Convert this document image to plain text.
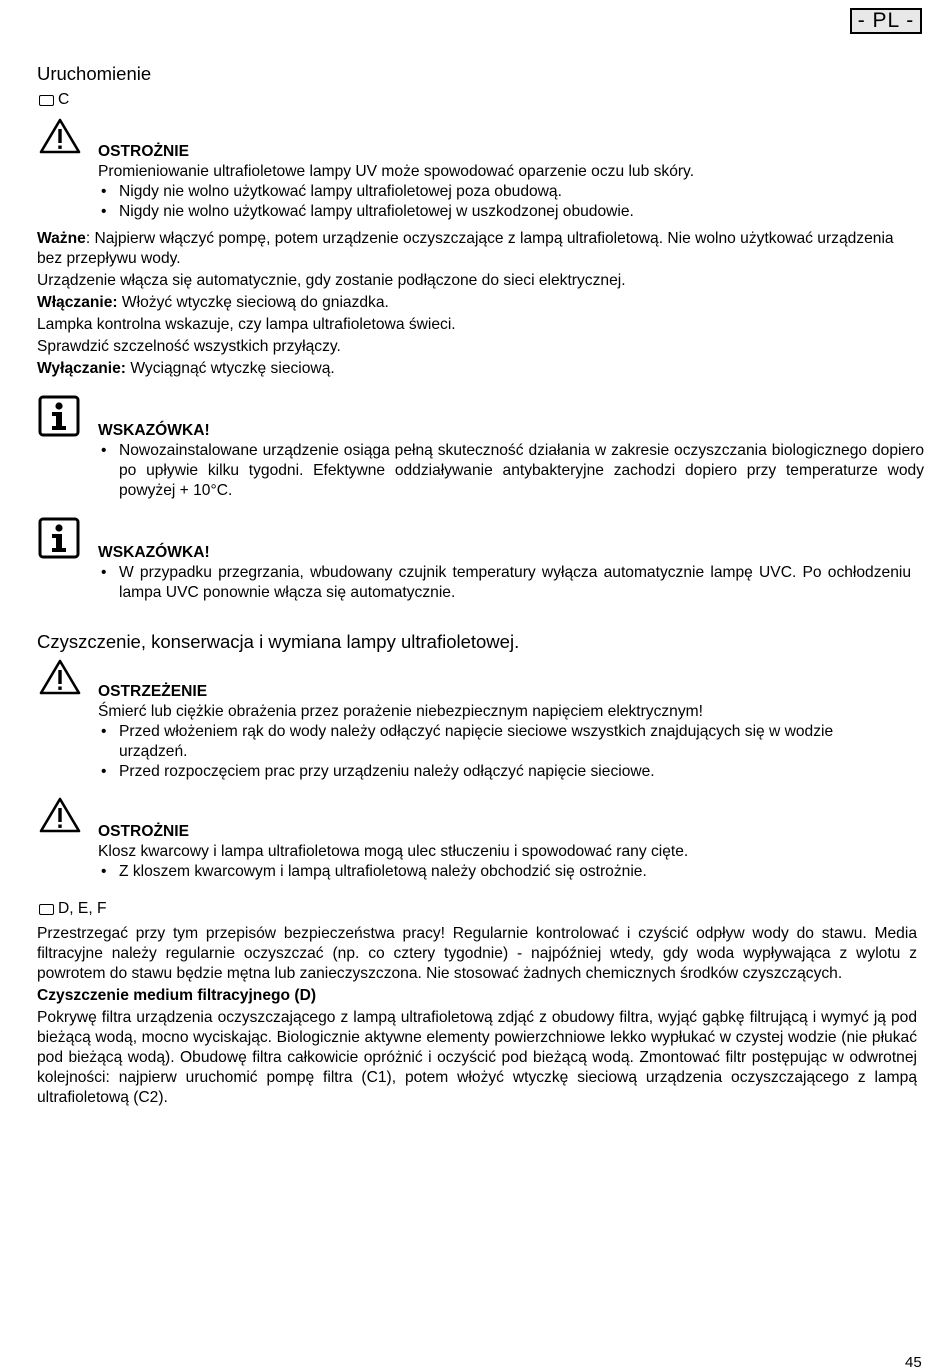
- PL -
Uruchomienie
C
OSTROŻNIE

Promieniowanie ultrafioletowe lampy UV może spowodować oparzenie oczu lub skóry.

• Nigdy nie wolno użytkować lampy ultrafioletowej poza obudową.
• Nigdy nie wolno użytkować lampy ultrafioletowej w uszkodzonej obudowie.

Ważne: Najpierw włączyć pompę, potem urządzenie oczyszczające z lampą ultrafioletową. Nie wolno użytkować urządzenia bez przepływu wody.

Urządzenie włącza się automatycznie, gdy zostanie podłączone do sieci elektrycznej.

Włączanie: Włożyć wtyczkę sieciową do gniazdka.

Lampka kontrolna wskazuje, czy lampa ultrafioletowa świeci.

Sprawdzić szczelność wszystkich przyłączy.

Wyłączanie: Wyciągnąć wtyczkę sieciową.

WSKAZÓWKA!
• Nowozainstalowane urządzenie osiąga pełną skuteczność działania w zakresie oczyszczania biologicznego dopiero po upływie kilku tygodni. Efektywne oddziaływanie antybakteryjne zachodzi dopiero przy temperaturze wody powyżej + 10°C.
WSKAZÓWKA!
• W przypadku przegrzania, wbudowany czujnik temperatury wyłącza automatycznie lampę UVC. Po ochłodzeniu lampa UVC ponownie włącza się automatycznie.
Czyszczenie, konserwacja i wymiana lampy ultrafioletowej.
OSTRZEŻENIE

Śmierć lub ciężkie obrażenia przez porażenie niebezpiecznym napięciem elektrycznym!

• Przed włożeniem rąk do wody należy odłączyć napięcie sieciowe wszystkich znajdujących się w wodzie urządzeń.
• Przed rozpoczęciem prac przy urządzeniu należy odłączyć napięcie sieciowe.
OSTROŻNIE

Klosz kwarcowy i lampa ultrafioletowa mogą ulec stłuczeniu i spowodować rany cięte.

• Z kloszem kwarcowym i lampą ultrafioletową należy obchodzić się ostrożnie.
D, E, F

Przestrzegać przy tym przepisów bezpieczeństwa pracy! Regularnie kontrolować i czyścić odpływ wody do stawu. Media filtracyjne należy regularnie oczyszczać (np. co cztery tygodnie) - najpóźniej wtedy, gdy woda wypływająca z wylotu z powrotem do stawu będzie mętna lub zanieczyszczona. Nie stosować żadnych chemicznych środków czyszczących.

Czyszczenie medium filtracyjnego (D)

Pokrywę filtra urządzenia oczyszczającego z lampą ultrafioletową zdjąć z obudowy filtra, wyjąć gąbkę filtrującą i wymyć ją pod bieżącą wodą, mocno wyciskając. Biologicznie aktywne elementy powierzchniowe lekko wypłukać w czystej wodzie (nie płukać pod bieżącą wodą). Obudowę filtra całkowicie opróżnić i oczyścić pod bieżącą wodą. Zmontować filtr postępując w odwrotnej kolejności: najpierw uruchomić pompę filtra (C1), potem włożyć wtyczkę sieciową urządzenia oczyszczającego z lampą ultrafioletową (C2).

45
